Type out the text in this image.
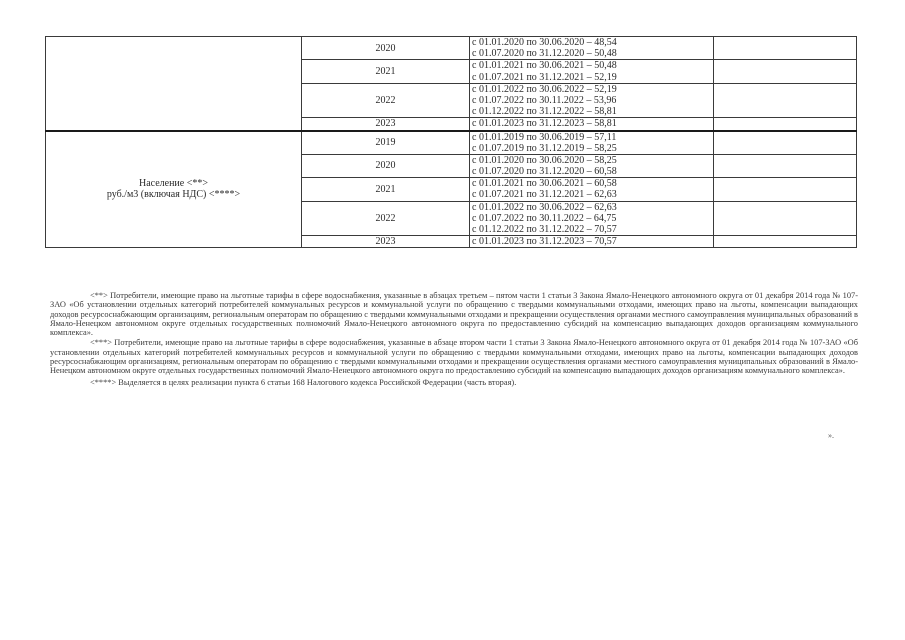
	2020	с 01.01.2020 по 30.06.2020 – 48,54
с 01.07.2020 по 31.12.2020 – 50,48	

	2021	с 01.01.2021 по 30.06.2021 – 50,48
с 01.07.2021 по 31.12.2021 – 52,19	

	2022	с 01.01.2022 по 30.06.2022 – 52,19
с 01.07.2022 по 30.11.2022 – 53,96
с 01.12.2022 по 31.12.2022 – 58,81	

	2023	с 01.01.2023 по 31.12.2023 – 58,81	

Население <**>
руб./м3 (включая НДС) <****>	2019	с 01.01.2019 по 30.06.2019 – 57,11
с 01.07.2019 по 31.12.2019 – 58,25	

	2020	с 01.01.2020 по 30.06.2020 – 58,25
с 01.07.2020 по 31.12.2020 – 60,58	

	2021	с 01.01.2021 по 30.06.2021 – 60,58
с 01.07.2021 по 31.12.2021 – 62,63	

	2022	с 01.01.2022 по 30.06.2022 – 62,63
с 01.07.2022 по 30.11.2022 – 64,75
с 01.12.2022 по 31.12.2022 – 70,57	

	2023	с 01.01.2023 по 31.12.2023 – 70,57	

<**> Потребители, имеющие право на льготные тарифы в сфере водоснабжения, указанные в абзацах третьем – пятом части 1 статьи 3 Закона Ямало-Ненецкого автономного округа от 01 декабря 2014 года № 107-ЗАО «Об установлении отдельных категорий потребителей коммунальных ресурсов и коммунальной услуги по обращению с твердыми коммунальными отходами, имеющих право на льготы, компенсации выпадающих доходов ресурсоснабжающим организациям, региональным операторам по обращению с твердыми коммунальными отходами и прекращении осуществления органами местного самоуправления муниципальных образований в Ямало-Ненецком автономном округе отдельных государственных полномочий Ямало-Ненецкого автономного округа по предоставлению субсидий на компенсацию выпадающих доходов организациям коммунального комплекса».

<***> Потребители, имеющие право на льготные тарифы в сфере водоснабжения, указанные в абзаце втором части 1 статьи 3 Закона Ямало-Ненецкого автономного округа от 01 декабря 2014 года № 107-ЗАО «Об установлении отдельных категорий потребителей коммунальных ресурсов и коммунальной услуги по обращению с твердыми коммунальными отходами, имеющих право на льготы, компенсации выпадающих доходов ресурсоснабжающим организациям, региональным операторам по обращению с твердыми коммунальными отходами и прекращении осуществления органами местного самоуправления муниципальных образований в Ямало-Ненецком автономном округе отдельных государственных полномочий Ямало-Ненецкого автономного округа по предоставлению субсидий на компенсацию выпадающих доходов организациям коммунального комплекса».

<****> Выделяется в целях реализации пункта 6 статьи 168 Налогового кодекса Российской Федерации (часть вторая).

».
